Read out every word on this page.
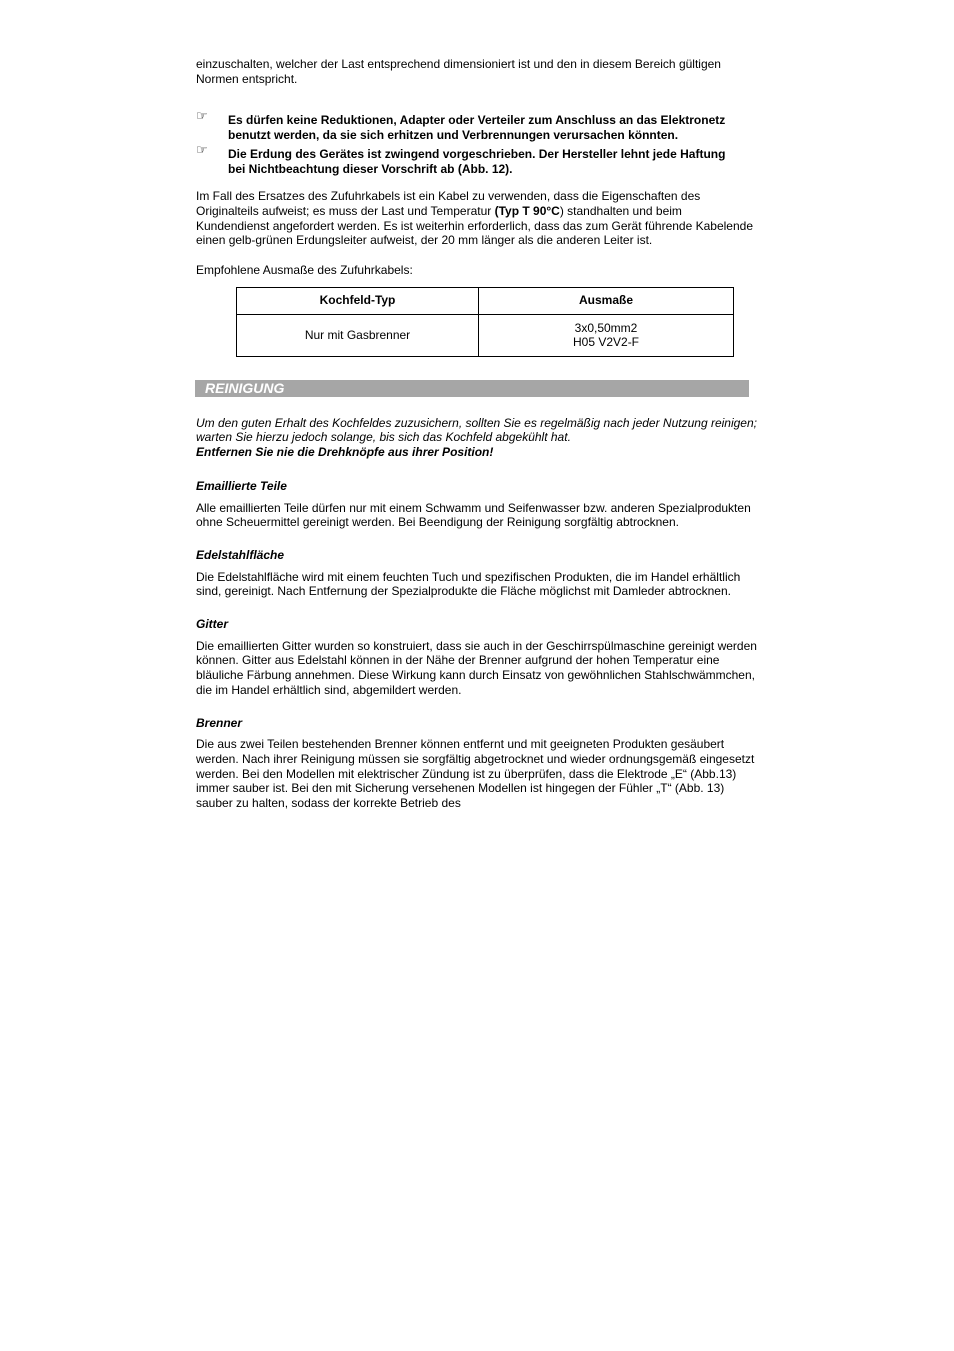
einzuschalten, welcher der Last entsprechend dimensioniert ist und den in diesem Bereich gültigen Normen entspricht.

☞	Es dürfen keine Reduktionen, Adapter oder Verteiler zum Anschluss an das Elektronetz benutzt werden, da sie sich erhitzen und Verbrennungen verursachen könnten.
☞	Die Erdung des Gerätes ist zwingend vorgeschrieben. Der Hersteller lehnt jede Haftung bei Nichtbeachtung dieser Vorschrift ab (Abb. 12).

Im Fall des Ersatzes des Zufuhrkabels ist ein Kabel zu verwenden, dass die Eigenschaften des Originalteils aufweist; es muss der Last und Temperatur (Typ T 90°C) standhalten und beim Kundendienst angefordert werden. Es ist weiterhin erforderlich, dass das zum Gerät führende Kabelende einen gelb-grünen Erdungsleiter aufweist, der 20 mm länger als die anderen Leiter ist.

Empfohlene Ausmaße des Zufuhrkabels:

Kochfeld-Typ	Ausmaße
Nur mit Gasbrenner	3x0,50mm2
H05 V2V2-F
REINIGUNG

Um den guten Erhalt des Kochfeldes zuzusichern, sollten Sie es regelmäßig nach jeder Nutzung reinigen; warten Sie hierzu jedoch solange, bis sich das Kochfeld abgekühlt hat.

Entfernen Sie nie die Drehknöpfe aus ihrer Position!

Emaillierte Teile

Alle emaillierten Teile dürfen nur mit einem Schwamm und Seifenwasser bzw. anderen Spezialprodukten ohne Scheuermittel gereinigt werden. Bei Beendigung der Reinigung sorgfältig abtrocknen.

Edelstahlfläche

Die Edelstahlfläche wird mit einem feuchten Tuch und spezifischen Produkten, die im Handel erhältlich sind, gereinigt. Nach Entfernung der Spezialprodukte die Fläche möglichst mit Damleder abtrocknen.

Gitter

Die emaillierten Gitter wurden so konstruiert, dass sie auch in der Geschirrspülmaschine gereinigt werden können. Gitter aus Edelstahl können in der Nähe der Brenner aufgrund der hohen Temperatur eine bläuliche Färbung annehmen. Diese Wirkung kann durch Einsatz von gewöhnlichen Stahlschwämmchen, die im Handel erhältlich sind, abgemildert werden.

Brenner

Die aus zwei Teilen bestehenden Brenner können entfernt und mit geeigneten Produkten gesäubert werden. Nach ihrer Reinigung müssen sie sorgfältig abgetrocknet und wieder ordnungsgemäß eingesetzt werden. Bei den Modellen mit elektrischer Zündung ist zu überprüfen, dass die Elektrode „E“ (Abb.13) immer sauber ist. Bei den mit Sicherung versehenen Modellen ist hingegen der Fühler „T“ (Abb. 13) sauber zu halten, sodass der korrekte Betrieb des
